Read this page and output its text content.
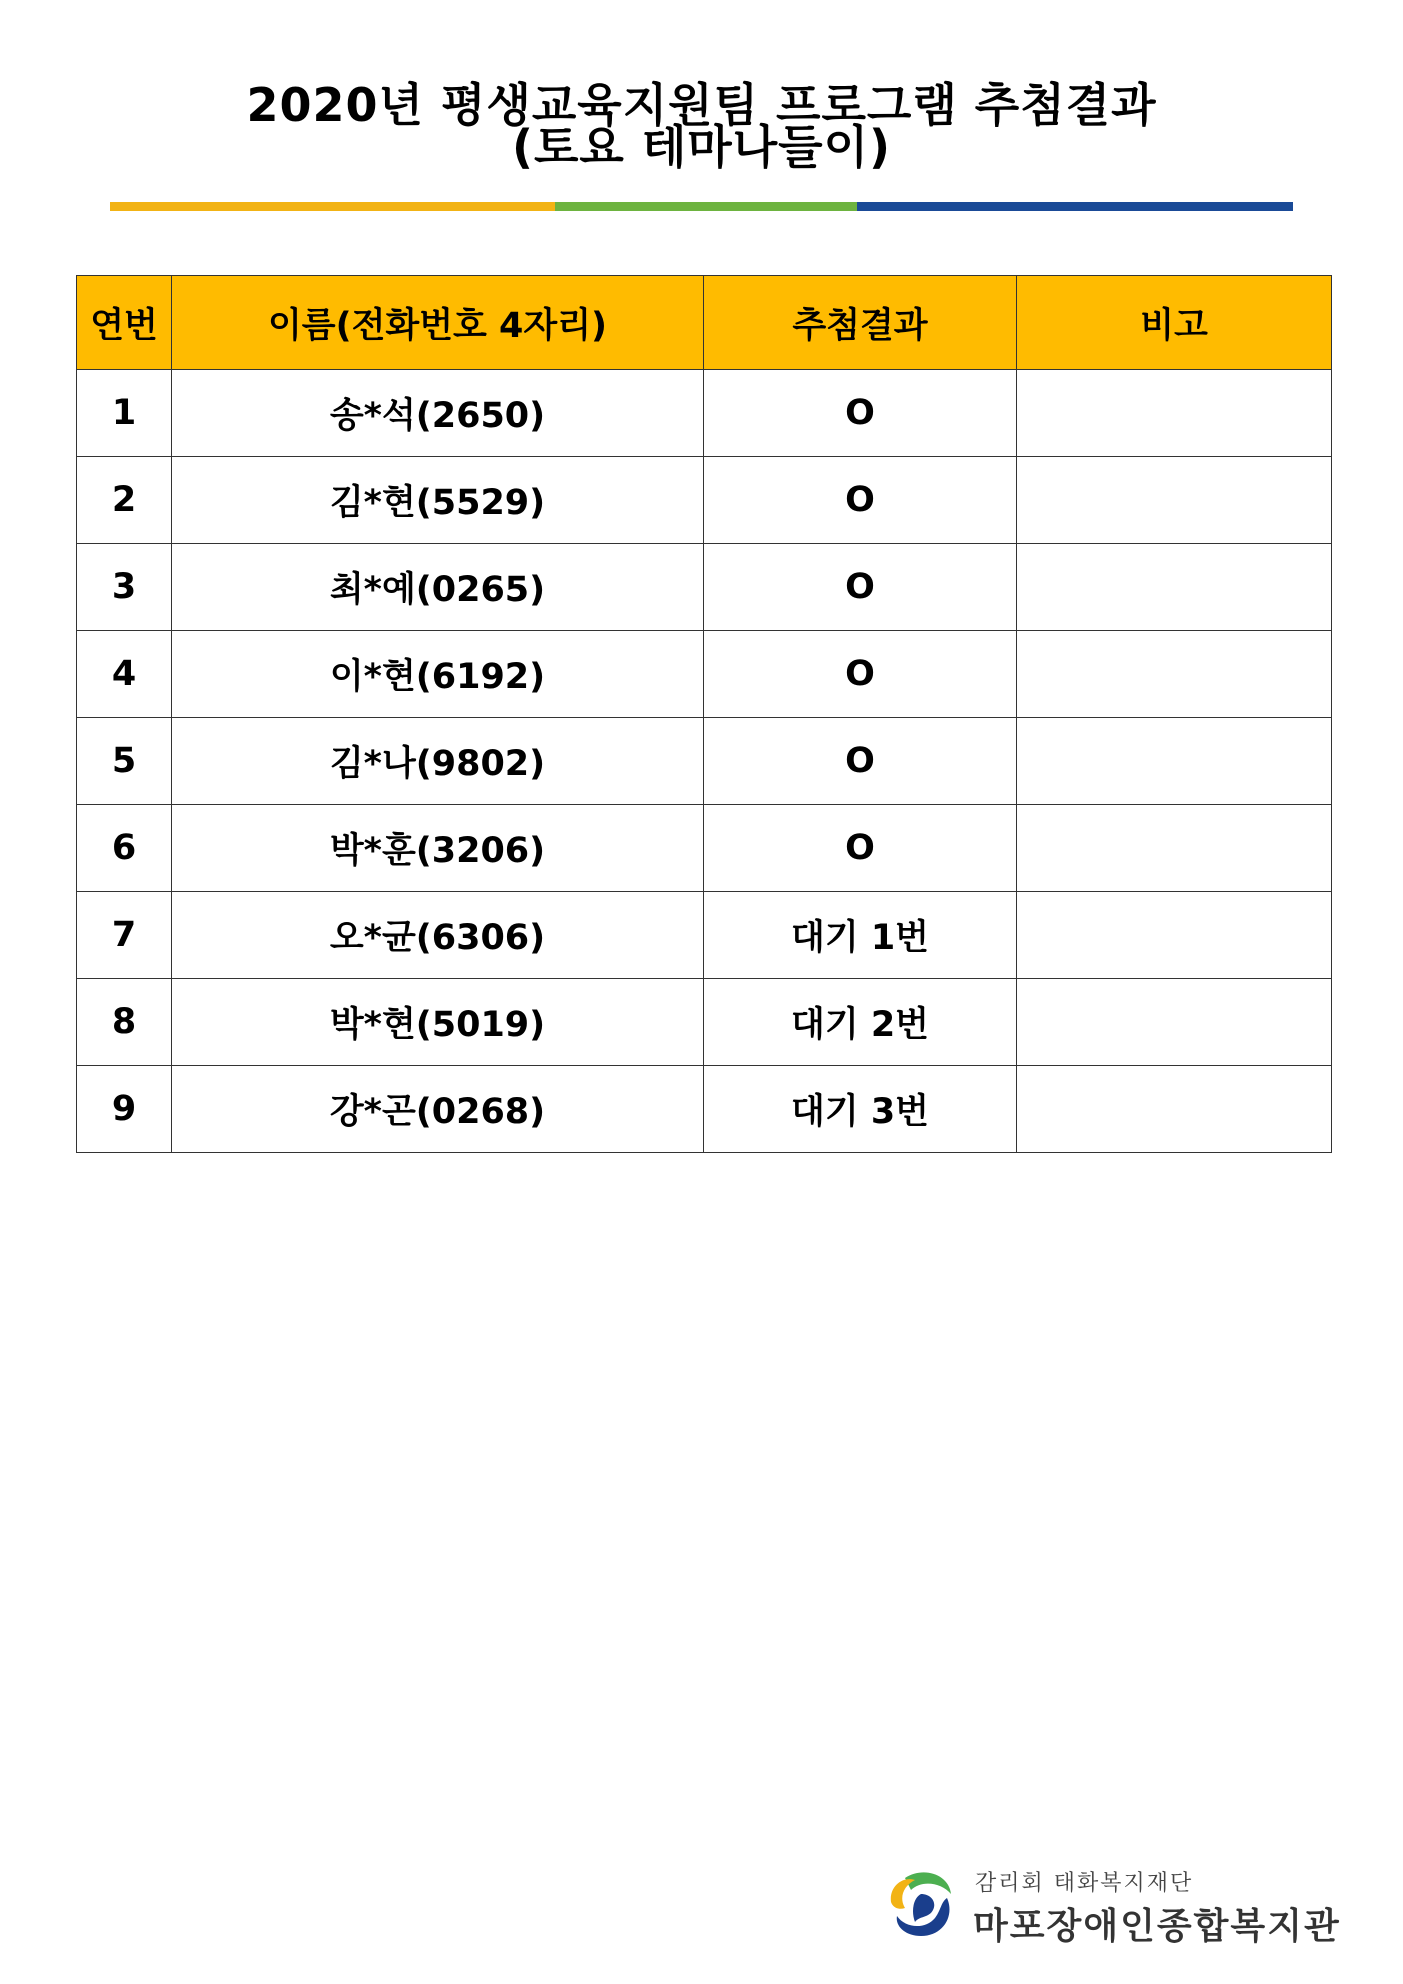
2020년 평생교육지원팀 프로그램 추첨결과
(토요 테마나들이)
연번	이름(전화번호 4자리)	추첨결과	비고
1	송*석(2650)	O	
2	김*현(5529)	O	
3	최*예(0265)	O	
4	이*현(6192)	O	
5	김*나(9802)	O	
6	박*훈(3206)	O	
7	오*균(6306)	대기 1번	
8	박*현(5019)	대기 2번	
9	강*곤(0268)	대기 3번	
감리회 태화복지재단
마포장애인종합복지관
